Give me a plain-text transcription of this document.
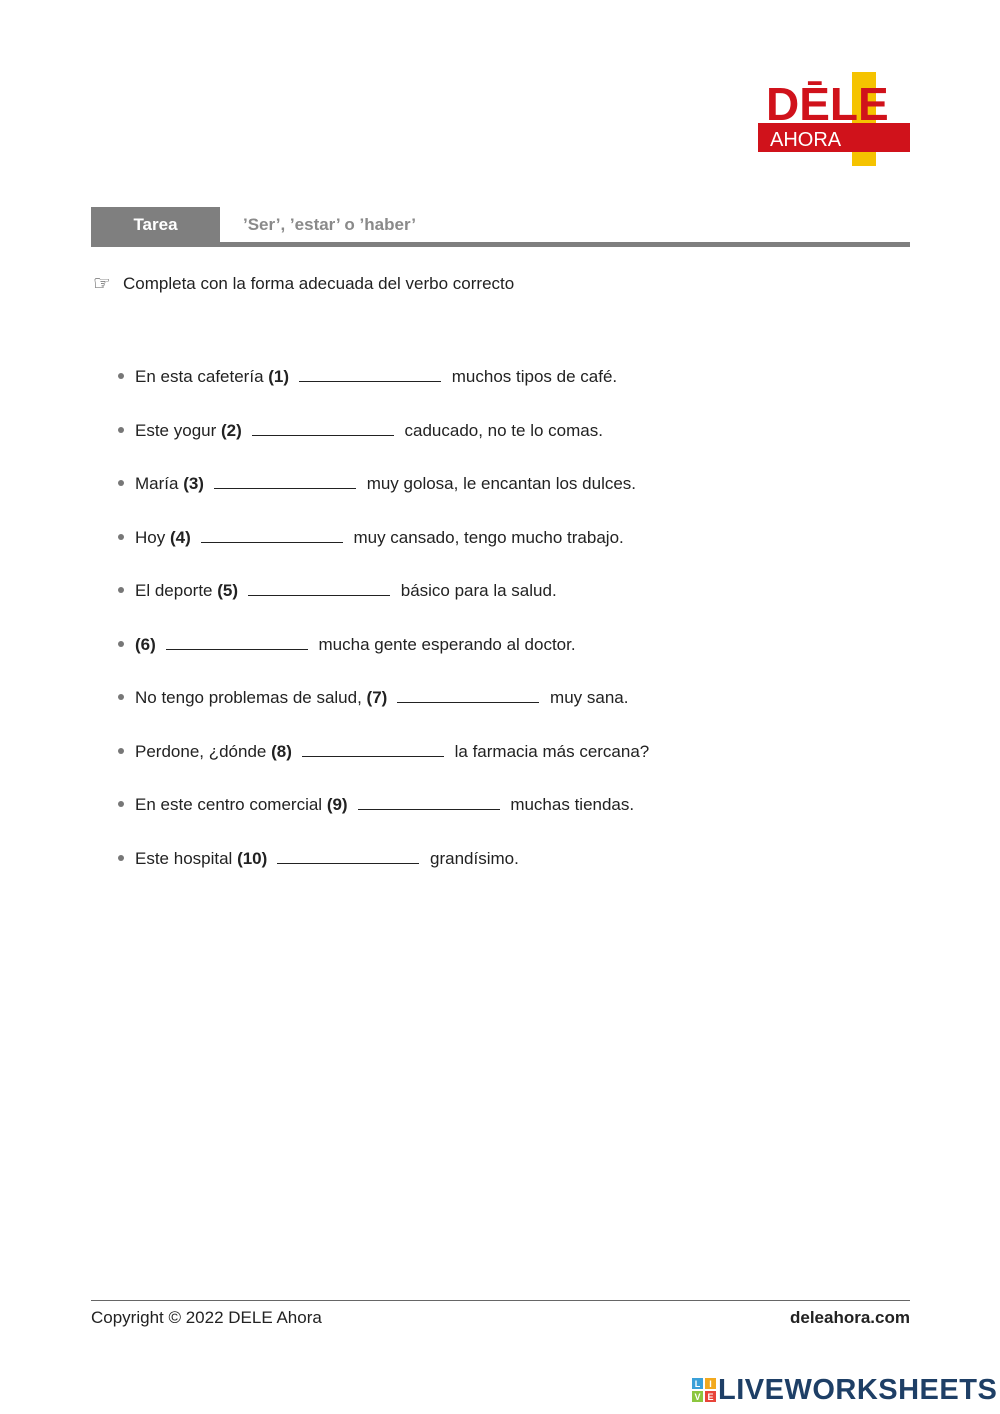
DĒLE
AHORA
Tarea	’Ser’, ’estar’ o ’haber’
☞ Completa con la forma adecuada del verbo correcto
En esta cafetería (1)	muchos tipos de café.
Este yogur (2)	caducado, no te lo comas.
María (3)	muy golosa, le encantan los dulces.
Hoy (4)	muy cansado, tengo mucho trabajo.
El deporte (5)	básico para la salud.
(6)	mucha gente esperando al doctor.
No tengo problemas de salud, (7)	muy sana.
Perdone, ¿dónde (8)	la farmacia más cercana?
En este centro comercial (9)	muchas tiendas.
Este hospital (10)	grandísimo.
Copyright © 2022 DELE Ahora	deleahora.com
L I
V E LIVEWORKSHEETS
